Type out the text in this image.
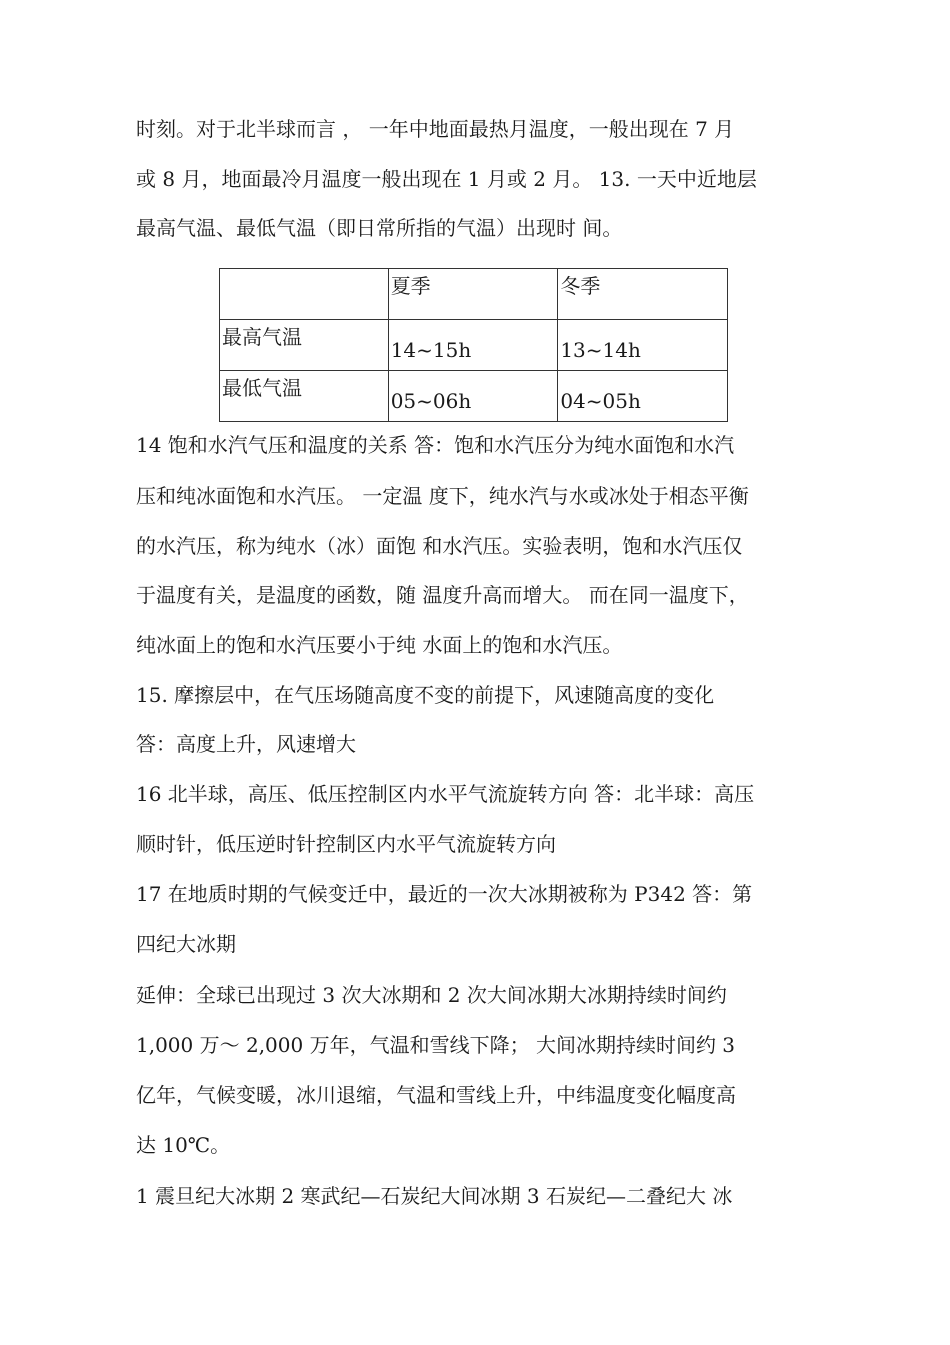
时刻。对于北半球而言 ， 一年中地面最热月温度，一般出现在 7 月
或 8 月，地面最冷月温度一般出现在 1 月或 2 月。 13. 一天中近地层
最高气温、最低气温（即日常所指的气温）出现时 间。
	夏季	冬季
最高气温	14~15h	13~14h
最低气温	05~06h	04~05h
14 饱和水汽气压和温度的关系 答：饱和水汽压分为纯水面饱和水汽
压和纯冰面饱和水汽压。 一定温 度下，纯水汽与水或冰处于相态平衡
的水汽压，称为纯水（冰）面饱 和水汽压。实验表明，饱和水汽压仅
于温度有关，是温度的函数，随 温度升高而增大。 而在同一温度下，
纯冰面上的饱和水汽压要小于纯 水面上的饱和水汽压。
15. 摩擦层中，在气压场随高度不变的前提下，风速随高度的变化
答：高度上升，风速增大
16 北半球，高压、低压控制区内水平气流旋转方向 答：北半球：高压
顺时针，低压逆时针控制区内水平气流旋转方向
17 在地质时期的气候变迁中，最近的一次大冰期被称为 P342 答：第
四纪大冰期
延伸：全球已出现过 3 次大冰期和 2 次大间冰期大冰期持续时间约
1,000 万～ 2,000 万年，气温和雪线下降； 大间冰期持续时间约 3
亿年，气候变暖，冰川退缩，气温和雪线上升，中纬温度变化幅度高
达 10℃。
1 震旦纪大冰期 2 寒武纪—石炭纪大间冰期 3 石炭纪—二叠纪大 冰
